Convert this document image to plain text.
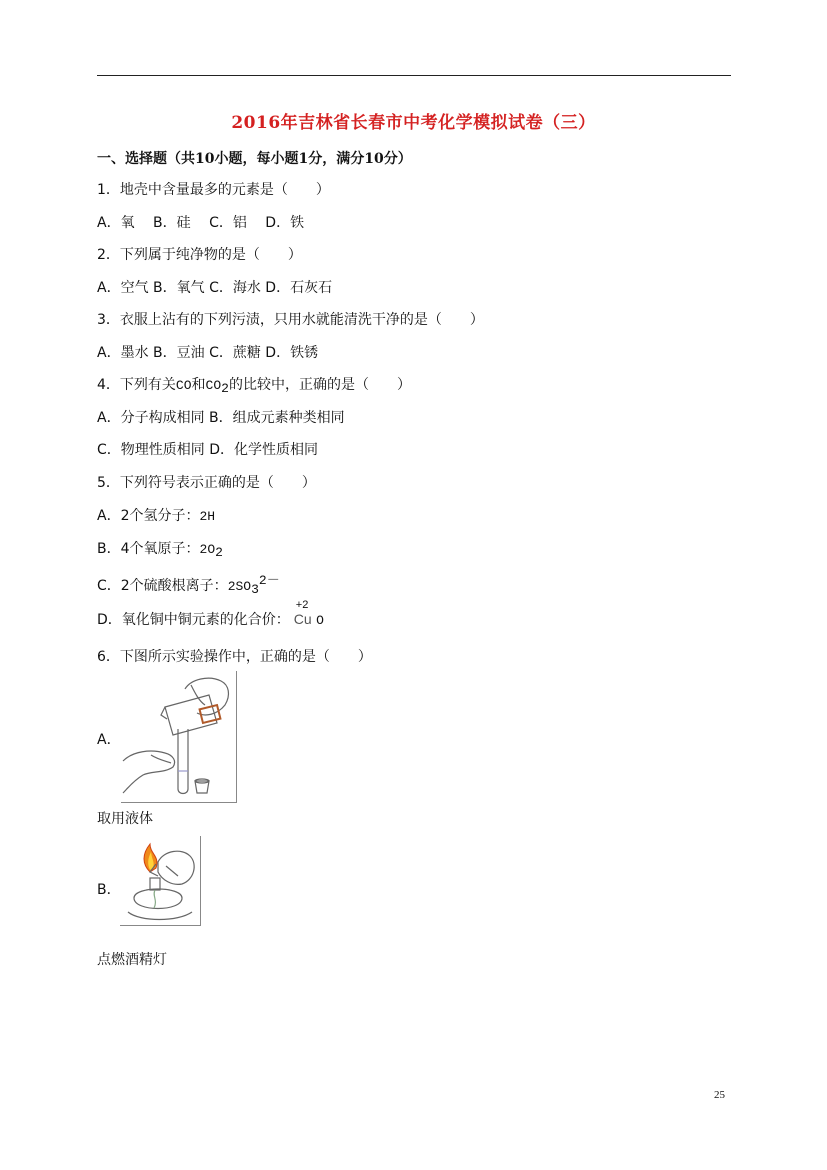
2016年吉林省长春市中考化学模拟试卷（三）
一、选择题（共10小题，每小题1分，满分10分）
1．地壳中含量最多的元素是（　　）
A．氧　 B．硅　 C．铝　 D．铁
2．下列属于纯净物的是（　　）
A．空气 B．氧气 C．海水 D．石灰石
3．衣服上沾有的下列污渍，只用水就能清洗干净的是（　　）
A．墨水 B．豆油 C．蔗糖 D．铁锈
4．下列有关CO和$CO_2$的比较中，正确的是（　　）
A．分子构成相同 B．组成元素种类相同
C．物理性质相同 D．化学性质相同
5．下列符号表示正确的是（　　）
A．2个氢分子：2H
B．4个氧原子：$2O_2$
C．2个硫酸根离子：$2SO_3^{2-}$
D．氧化铜中铜元素的化合价：
+2
Cu O
6．下图所示实验操作中，正确的是（　　）
A．
取用液体
B．
点燃酒精灯
25
